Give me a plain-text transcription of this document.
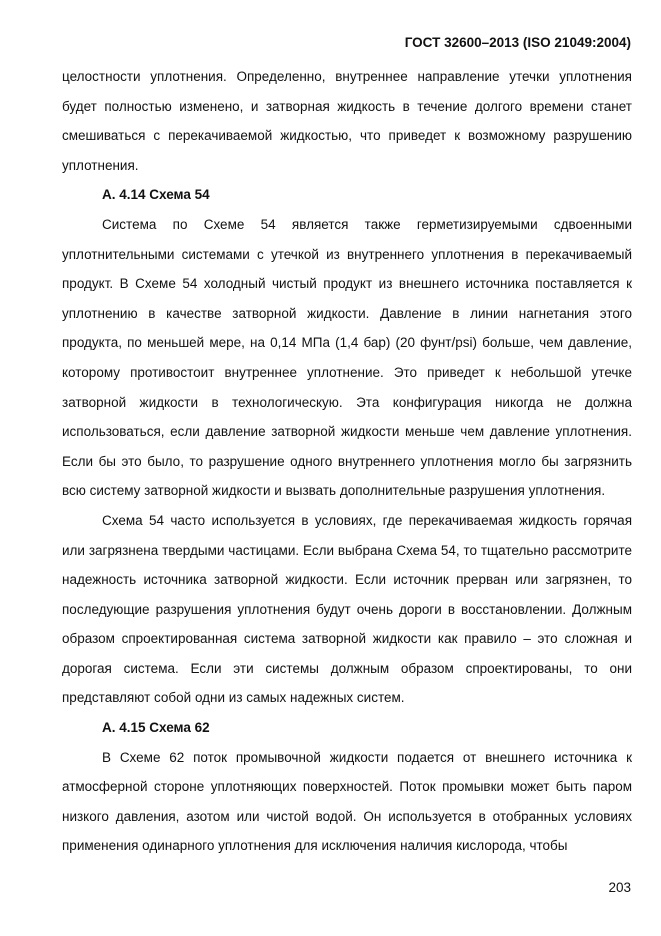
ГОСТ 32600–2013 (ISO 21049:2004)

целостности уплотнения. Определенно, внутреннее направление утечки уплотнения будет полностью изменено, и затворная жидкость в течение долгого времени станет смешиваться с перекачиваемой жидкостью, что приведет к возможному разрушению уплотнения.

А. 4.14 Схема 54

Система по Схеме 54 является также герметизируемыми сдвоенными уплотнительными системами с утечкой из внутреннего уплотнения в перекачиваемый продукт. В Схеме 54 холодный чистый продукт из внешнего источника поставляется к уплотнению в качестве затворной жидкости. Давление в линии нагнетания этого продукта, по меньшей мере, на 0,14 МПа (1,4 бар) (20 фунт/psi) больше, чем давление, которому противостоит внутреннее уплотнение. Это приведет к небольшой утечке затворной жидкости в технологическую. Эта конфигурация никогда не должна использоваться, если давление затворной жидкости меньше чем давление уплотнения. Если бы это было, то разрушение одного внутреннего уплотнения могло бы загрязнить всю систему затворной жидкости и вызвать дополнительные разрушения уплотнения.

Схема 54 часто используется в условиях, где перекачиваемая жидкость горячая или загрязнена твердыми частицами. Если выбрана Схема 54, то тщательно рассмотрите надежность источника затворной жидкости. Если источник прерван или загрязнен, то последующие разрушения уплотнения будут очень дороги в восстановлении. Должным образом спроектированная система затворной жидкости как правило – это сложная и дорогая система. Если эти системы должным образом спроектированы, то они представляют собой одни из самых надежных систем.

А. 4.15 Схема 62

В Схеме 62 поток промывочной жидкости подается от внешнего источника к атмосферной стороне уплотняющих поверхностей. Поток промывки может быть паром низкого давления, азотом или чистой водой. Он используется в отобранных условиях применения одинарного уплотнения для исключения наличия кислорода, чтобы

203
